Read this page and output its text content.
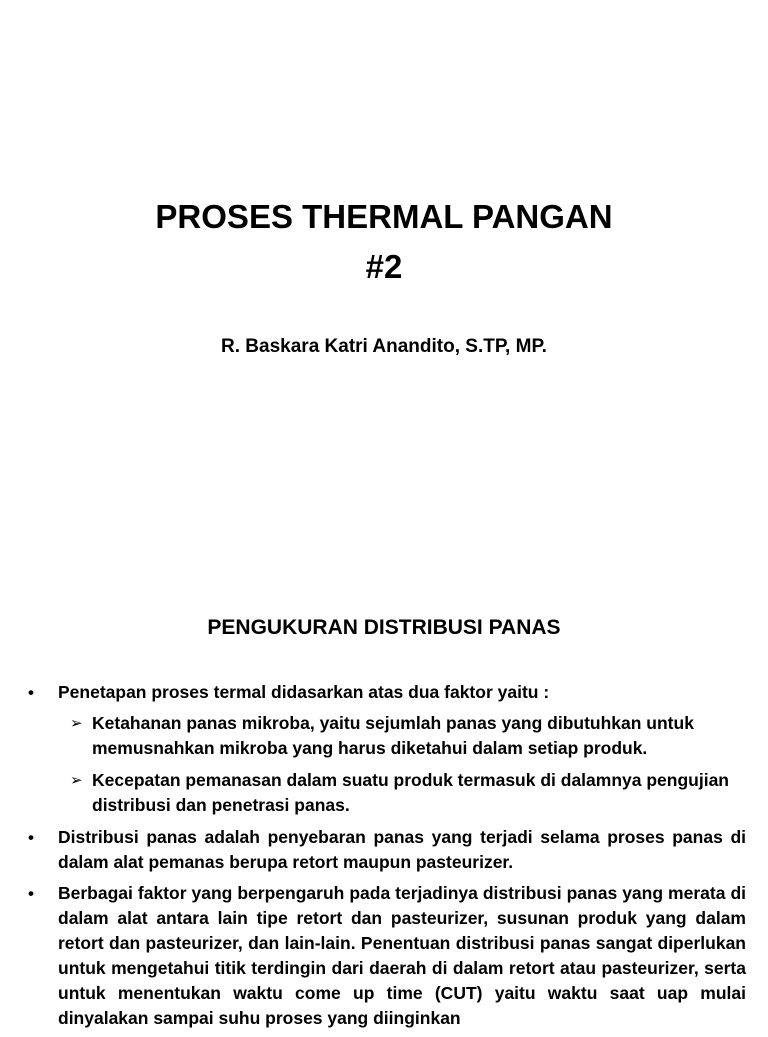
PROSES THERMAL PANGAN
#2
R. Baskara Katri Anandito, S.TP, MP.
PENGUKURAN DISTRIBUSI PANAS
• Penetapan proses termal didasarkan atas dua faktor yaitu :
➢ Ketahanan panas mikroba, yaitu sejumlah panas yang dibutuhkan untuk memusnahkan mikroba yang harus diketahui dalam setiap produk.
➢ Kecepatan pemanasan dalam suatu produk termasuk di dalamnya pengujian distribusi dan penetrasi panas.
• Distribusi panas adalah penyebaran panas yang terjadi selama proses panas di dalam alat pemanas berupa retort maupun pasteurizer.
• Berbagai faktor yang berpengaruh pada terjadinya distribusi panas yang merata di dalam alat antara lain tipe retort dan pasteurizer, susunan produk yang dalam retort dan pasteurizer, dan lain-lain. Penentuan distribusi panas sangat diperlukan untuk mengetahui titik terdingin dari daerah di dalam retort atau pasteurizer, serta untuk menentukan waktu come up time (CUT) yaitu waktu saat uap mulai dinyalakan sampai suhu proses yang diinginkan
